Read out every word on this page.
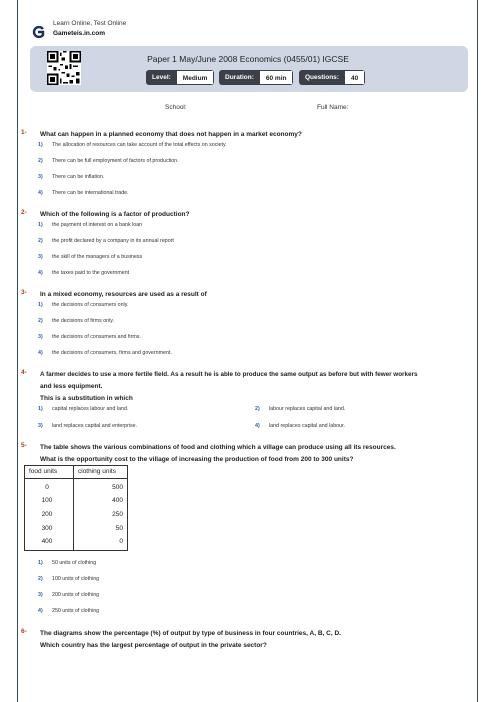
Learn Online, Test Online
Gameteis.in.com
Paper 1 May/June 2008 Economics (0455/01) IGCSE
Level:	Medium	Duration:	60 min	Questions:	40
School:	Full Name:
1- What can happen in a planned economy that does not happen in a market economy?
1) The allocation of resources can take account of the total effects on society.
2) There can be full employment of factors of production.
3) There can be inflation.
4) There can be international trade.
2- Which of the following is a factor of production?
1) the payment of interest on a bank loan
2) the profit declared by a company in its annual report
3) the skill of the managers of a business
4) the taxes paid to the government
3- In a mixed economy, resources are used as a result of
1) the decisions of consumers only.
2) the decisions of firms only.
3) the decisions of consumers and firms.
4) the decisions of consumers, firms and government.
4- A farmer decides to use a more fertile field. As a result he is able to produce the same output as before but with fewer workers
and less equipment.
This is a substitution in which
1) capital replaces labour and land.	2) labour replaces capital and land.
3) land replaces capital and enterprise.	4) land replaces capital and labour.
5- The table shows the various combinations of food and clothing which a village can produce using all its resources.
What is the opportunity cost to the village of increasing the production of food from 200 to 300 units?
food units	clothing units
0	500
100	400
200	250
300	50
400	0
1) 50 units of clothing
2) 100 units of clothing
3) 200 units of clothing
4) 250 units of clothing
6- The diagrams show the percentage (%) of output by type of business in four countries, A, B, C, D.
Which country has the largest percentage of output in the private sector?
